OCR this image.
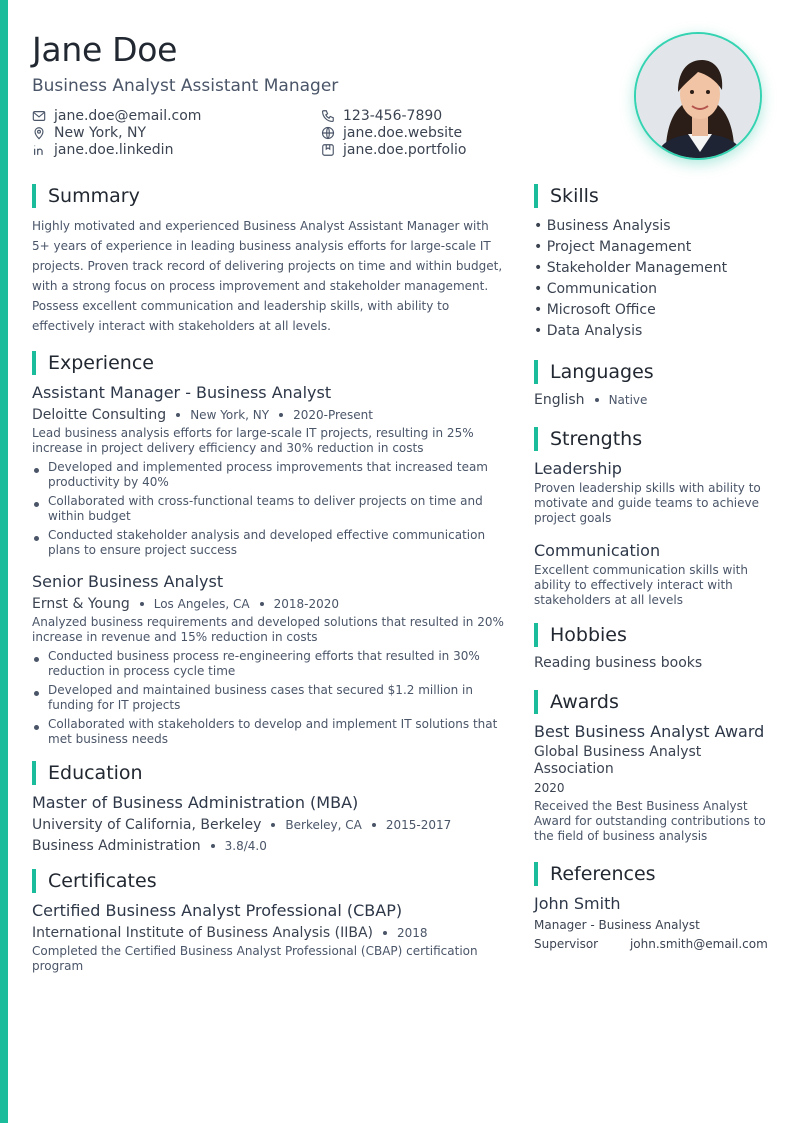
Jane Doe
Business Analyst Assistant Manager
jane.doe@email.com	123-456-7890
New York, NY	jane.doe.website
jane.doe.linkedin	jane.doe.portfolio
Summary

Highly motivated and experienced Business Analyst Assistant Manager with 5+ years of experience in leading business analysis efforts for large-scale IT projects. Proven track record of delivering projects on time and within budget, with a strong focus on process improvement and stakeholder management. Possess excellent communication and leadership skills, with ability to effectively interact with stakeholders at all levels.

Experience
Assistant Manager - Business Analyst
Deloitte Consulting New York, NY 2020-Present
Lead business analysis efforts for large-scale IT projects, resulting in 25% increase in project delivery efficiency and 30% reduction in costs
Developed and implemented process improvements that increased team productivity by 40%
Collaborated with cross-functional teams to deliver projects on time and within budget
Conducted stakeholder analysis and developed effective communication plans to ensure project success
Senior Business Analyst
Ernst & Young Los Angeles, CA 2018-2020
Analyzed business requirements and developed solutions that resulted in 20% increase in revenue and 15% reduction in costs
Conducted business process re-engineering efforts that resulted in 30% reduction in process cycle time
Developed and maintained business cases that secured $1.2 million in funding for IT projects
Collaborated with stakeholders to develop and implement IT solutions that met business needs
Education
Master of Business Administration (MBA)
University of California, Berkeley Berkeley, CA 2015-2017
Business Administration 3.8/4.0
Certificates
Certified Business Analyst Professional (CBAP)
International Institute of Business Analysis (IIBA) 2018
Completed the Certified Business Analyst Professional (CBAP) certification program
Skills
• Business Analysis
• Project Management
• Stakeholder Management
• Communication
• Microsoft Office
• Data Analysis
Languages
English Native
Strengths
Leadership
Proven leadership skills with ability to motivate and guide teams to achieve project goals
Communication
Excellent communication skills with ability to effectively interact with stakeholders at all levels
Hobbies
Reading business books
Awards
Best Business Analyst Award
Global Business Analyst Association
2020
Received the Best Business Analyst Award for outstanding contributions to the field of business analysis
References
John Smith
Manager - Business Analyst
Supervisor	john.smith@email.com
